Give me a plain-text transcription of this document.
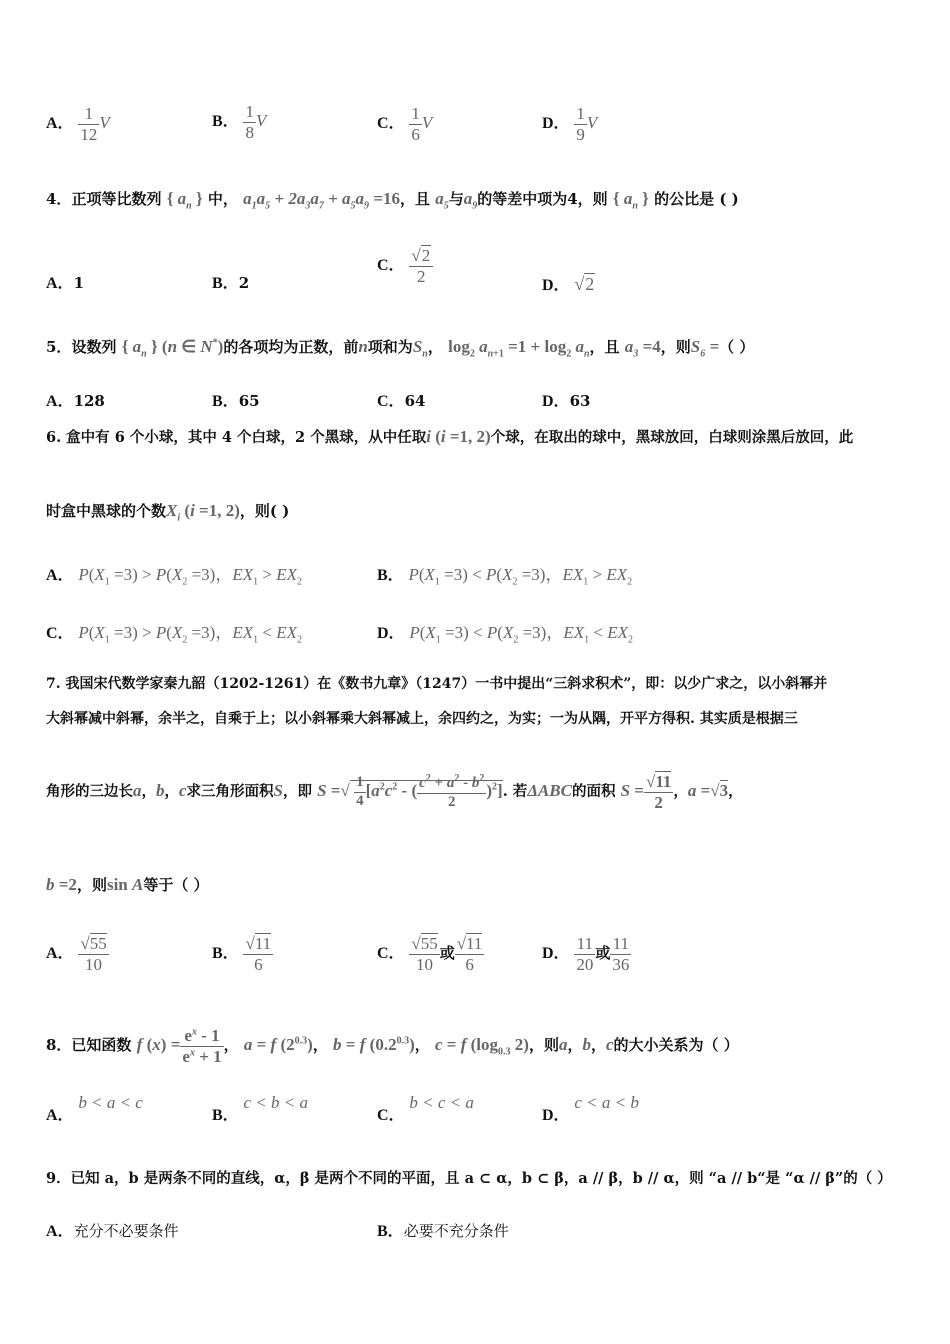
A． $\frac{1}{12}$ V	B． $\frac{1}{8}$ V	C． $\frac{1}{6}$ V	D． $\frac{1}{9}$ V
4．正项等比数列 { $a_n$ } 中， $a_1a_5 + 2a_3a_7 + a_5a_9 =16$，且 $a_5$与$a_9$的等差中项为4，则 { $a_n$ } 的公比是 ( )
A．1	B．2
C． $\frac{√2}{2}$	D． √2
5．设数列 { $a_n$ } (n ∈ N*)的各项均为正数，前n项和为$S_n$， $\log_2 a_{n+1} =1 + \log_2 a_n$，且 $a_3 =4$，则$S_6$ =（ ）
A．128	B．65	C．64	D．63
6. 盒中有 6 个小球，其中 4 个白球，2 个黑球，从中任取i (i =1, 2)个球，在取出的球中，黑球放回，白球则涂黑后放回，此
时盒中黑球的个数$X_i$ (i =1, 2)，则( )
A． $P(X_1 =3) > P(X_2 =3)$，$EX_1 > EX_2$	B． $P(X_1 =3) < P(X_2 =3)$，$EX_1 > EX_2$
C． $P(X_1 =3) > P(X_2 =3)$，$EX_1 < EX_2$	D． $P(X_1 =3) < P(X_2 =3)$，$EX_1 < EX_2$
7. 我国宋代数学家秦九韶（1202-1261）在《数书九章》（1247）一书中提出“三斜求积术”，即：以少广求之，以小斜幂并
大斜幂减中斜幂，余半之，自乘于上；以小斜幂乘大斜幂减上，余四约之，为实；一为从隅，开平方得积. 其实质是根据三
角形的三边长a，b，c求三角形面积S，即 S =√ $\frac{1}{4} [a^2c^2$ - ( $\frac{c^2 + a^2 - b^2}{2} )^2$]. 若ΔABC的面积 $S = \frac{√11}{2}$ ，a =√3，
b =2，则sin A等于（ ）
A． $\frac{√55}{10}$	B． $\frac{√11}{6}$	C． $\frac{√55}{10}$ 或 $\frac{√11}{6}$	D． $\frac{11}{20}$ 或 $\frac{11}{36}$
8．已知函数 f $(x) = \frac{e^x - 1}{e^x + 1}$ ， a = f $(2^{0.3})$， b = f $(0.2^{0.3})$， c = f ($\log_{0.3}$ 2)，则a，b，c的大小关系为（ ）
A． b < a < c
B． c < b < a
C． b < c < a
D． c < a < b
9．已知 a，b 是两条不同的直线，α，β 是两个不同的平面，且 a ⊂ α，b ⊂ β，a // β，b // α，则 “a // b“是 “α // β”的（ ）
A．充分不必要条件	B．必要不充分条件
